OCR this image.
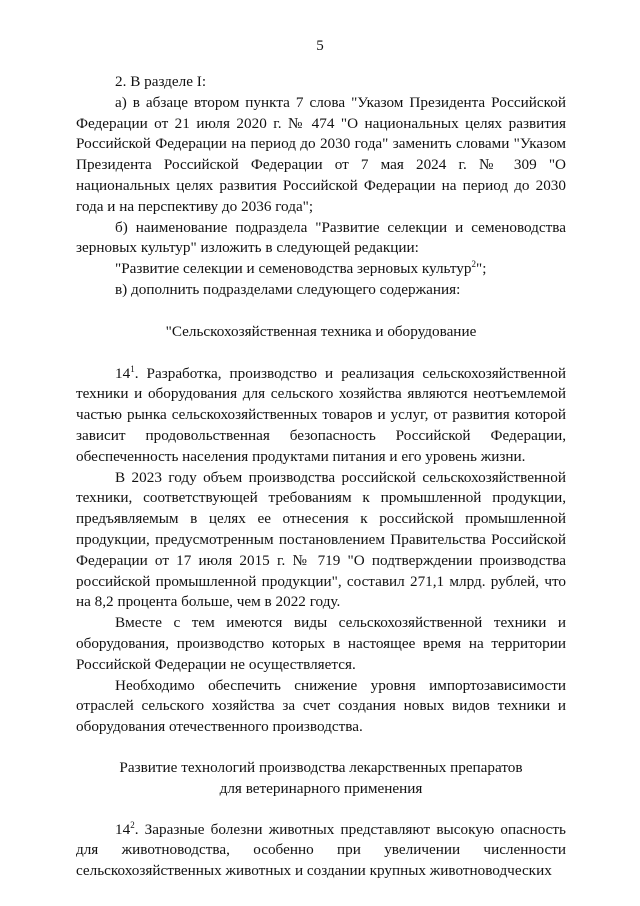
5

2. В разделе I:

а) в абзаце втором пункта 7 слова "Указом Президента Российской Федерации от 21 июля 2020 г. № 474 "О национальных целях развития Российской Федерации на период до 2030 года" заменить словами "Указом Президента Российской Федерации от 7 мая 2024 г. № 309 "О национальных целях развития Российской Федерации на период до 2030 года и на перспективу до 2036 года";

б) наименование подраздела "Развитие селекции и семеноводства зерновых культур" изложить в следующей редакции:

"Развитие селекции и семеноводства зерновых культур$^2$";

в) дополнить подразделами следующего содержания:

"Сельскохозяйственная техника и оборудование

$14^1$. Разработка, производство и реализация сельскохозяйственной техники и оборудования для сельского хозяйства являются неотъемлемой частью рынка сельскохозяйственных товаров и услуг, от развития которой зависит продовольственная безопасность Российской Федерации, обеспеченность населения продуктами питания и его уровень жизни.

В 2023 году объем производства российской сельскохозяйственной техники, соответствующей требованиям к промышленной продукции, предъявляемым в целях ее отнесения к российской промышленной продукции, предусмотренным постановлением Правительства Российской Федерации от 17 июля 2015 г. № 719 "О подтверждении производства российской промышленной продукции", составил 271,1 млрд. рублей, что на 8,2 процента больше, чем в 2022 году.

Вместе с тем имеются виды сельскохозяйственной техники и оборудования, производство которых в настоящее время на территории Российской Федерации не осуществляется.

Необходимо обеспечить снижение уровня импортозависимости отраслей сельского хозяйства за счет создания новых видов техники и оборудования отечественного производства.

Развитие технологий производства лекарственных препаратов

для ветеринарного применения

$14^2$. Заразные болезни животных представляют высокую опасность для животноводства, особенно при увеличении численности сельскохозяйственных животных и создании крупных животноводческих
